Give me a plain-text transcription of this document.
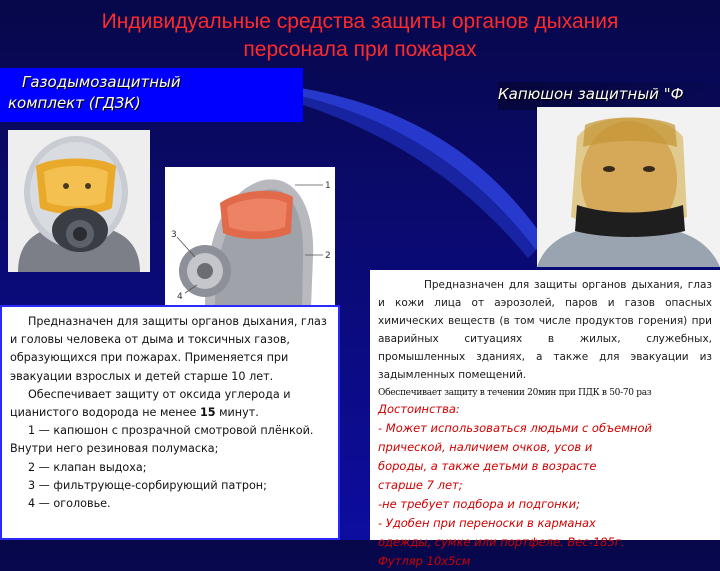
Индивидуальные средства защиты органов дыхания
персонала при пожарах
Газодымозащитный
комплект (ГДЗК)	Капюшон защитный "Ф
1
2
3
4

Предназначен для защиты органов дыхания, глаз и кожи лица от аэрозолей, паров и газов опасных химических веществ (в том числе продуктов горения) при аварийных ситуациях в жилых, служебных, промышленных зданиях, а также для эвакуации из задымленных помещений.

Обеспечивает защиту в течении 20мин при ПДК в 50-70 раз

Достоинства:

- Может использоваться людьми с объемной

прической, наличием очков, усов и

бороды, а также детьми в возрасте

старше 7 лет;

-не требует подбора и подгонки;

- Удобен при переноски в карманах

одежды, сумке или портфеле. Вес-185г.

Футляр 10х5см

Предназначен для защиты органов дыхания, глаз и головы человека от дыма и токсичных газов, образующихся при пожарах. Применяется при эвакуации взрослых и детей старше 10 лет.

Обеспечивает защиту от оксида углерода и цианистого водорода не менее 15 минут.

1 — капюшон с прозрачной смотровой плёнкой. Внутри него резиновая полумаска;

2 — клапан выдоха;

3 — фильтрующе-сорбирующий патрон;

4 — оголовье.
